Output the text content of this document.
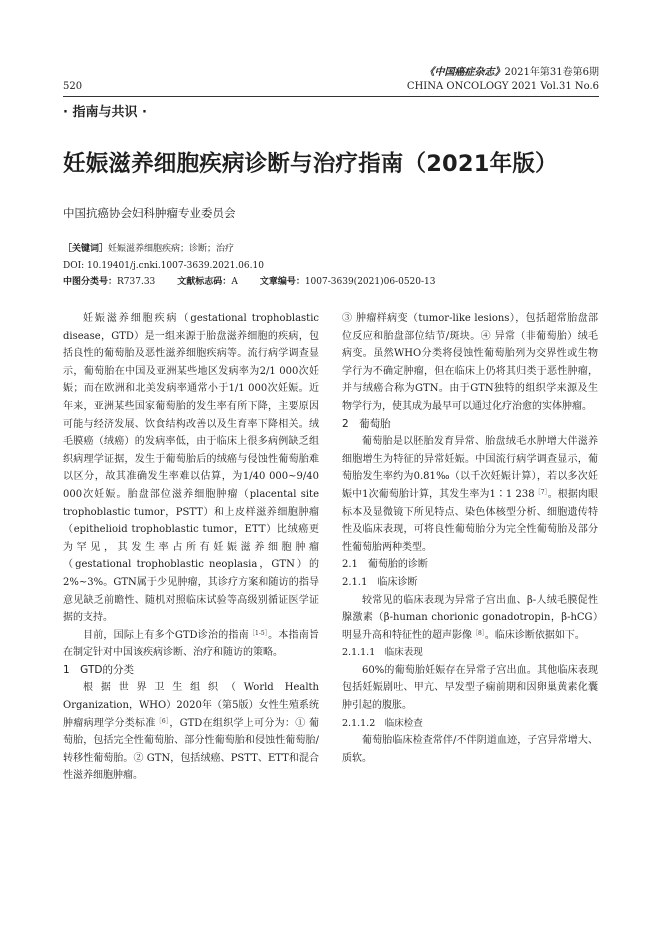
520
《中国癌症杂志》2021年第31卷第6期
CHINA ONCOLOGY 2021 Vol.31 No.6
· 指南与共识 ·
妊娠滋养细胞疾病诊断与治疗指南（2021年版）
中国抗癌协会妇科肿瘤专业委员会
［关键词］妊娠滋养细胞疾病；诊断；治疗
DOI: 10.19401/j.cnki.1007-3639.2021.06.10
中图分类号：R737.33 文献标志码：A 文章编号：1007-3639(2021)06-0520-13

妊娠滋养细胞疾病（gestational trophoblastic disease，GTD）是一组来源于胎盘滋养细胞的疾病，包括良性的葡萄胎及恶性滋养细胞疾病等。流行病学调查显示，葡萄胎在中国及亚洲某些地区发病率为2/1 000次妊娠；而在欧洲和北美发病率通常小于1/1 000次妊娠。近年来，亚洲某些国家葡萄胎的发生率有所下降，主要原因可能与经济发展、饮食结构改善以及生育率下降相关。绒毛膜癌（绒癌）的发病率低，由于临床上很多病例缺乏组织病理学证据，发生于葡萄胎后的绒癌与侵蚀性葡萄胎难以区分，故其准确发生率难以估算，为1/40 000~9/40 000次妊娠。胎盘部位滋养细胞肿瘤（placental site trophoblastic tumor，PSTT）和上皮样滋养细胞肿瘤（epithelioid trophoblastic tumor，ETT）比绒癌更为罕见，其发生率占所有妊娠滋养细胞肿瘤（gestational trophoblastic neoplasia，GTN）的2%~3%。GTN属于少见肿瘤，其诊疗方案和随访的指导意见缺乏前瞻性、随机对照临床试验等高级别循证医学证据的支持。

目前，国际上有多个GTD诊治的指南$^{[1-5]}$。本指南旨在制定针对中国该疾病诊断、治疗和随访的策略。

1　GTD的分类

根据世界卫生组织（World Health Organization，WHO）2020年（第5版）女性生殖系统肿瘤病理学分类标准$^{[6]}$，GTD在组织学上可分为：① 葡萄胎，包括完全性葡萄胎、部分性葡萄胎和侵蚀性葡萄胎/转移性葡萄胎。② GTN，包括绒癌、PSTT、ETT和混合性滋养细胞肿瘤。

③ 肿瘤样病变（tumor-like lesions），包括超常胎盘部位反应和胎盘部位结节/斑块。④ 异常（非葡萄胎）绒毛病变。虽然WHO分类将侵蚀性葡萄胎列为交界性或生物学行为不确定肿瘤，但在临床上仍将其归类于恶性肿瘤，并与绒癌合称为GTN。由于GTN独特的组织学来源及生物学行为，使其成为最早可以通过化疗治愈的实体肿瘤。

2　葡萄胎

葡萄胎是以胚胎发育异常、胎盘绒毛水肿增大伴滋养细胞增生为特征的异常妊娠。中国流行病学调查显示，葡萄胎发生率约为0.81‰（以千次妊娠计算），若以多次妊娠中1次葡萄胎计算，其发生率为1∶1 $238^{[7]}$。根据肉眼标本及显微镜下所见特点、染色体核型分析、细胞遗传特性及临床表现，可将良性葡萄胎分为完全性葡萄胎及部分性葡萄胎两种类型。

2.1　葡萄胎的诊断
2.1.1　临床诊断

较常见的临床表现为异常子宫出血、β-人绒毛膜促性腺激素（β-human chorionic gonadotropin，β-hCG）明显升高和特征性的超声影像$^{[8]}$。临床诊断依据如下。

2.1.1.1　临床表现

60%的葡萄胎妊娠存在异常子宫出血。其他临床表现包括妊娠剧吐、甲亢、早发型子痫前期和因卵巢黄素化囊肿引起的腹胀。

2.1.1.2　临床检查

葡萄胎临床检查常伴/不伴阴道血迹，子宫异常增大、质软。
